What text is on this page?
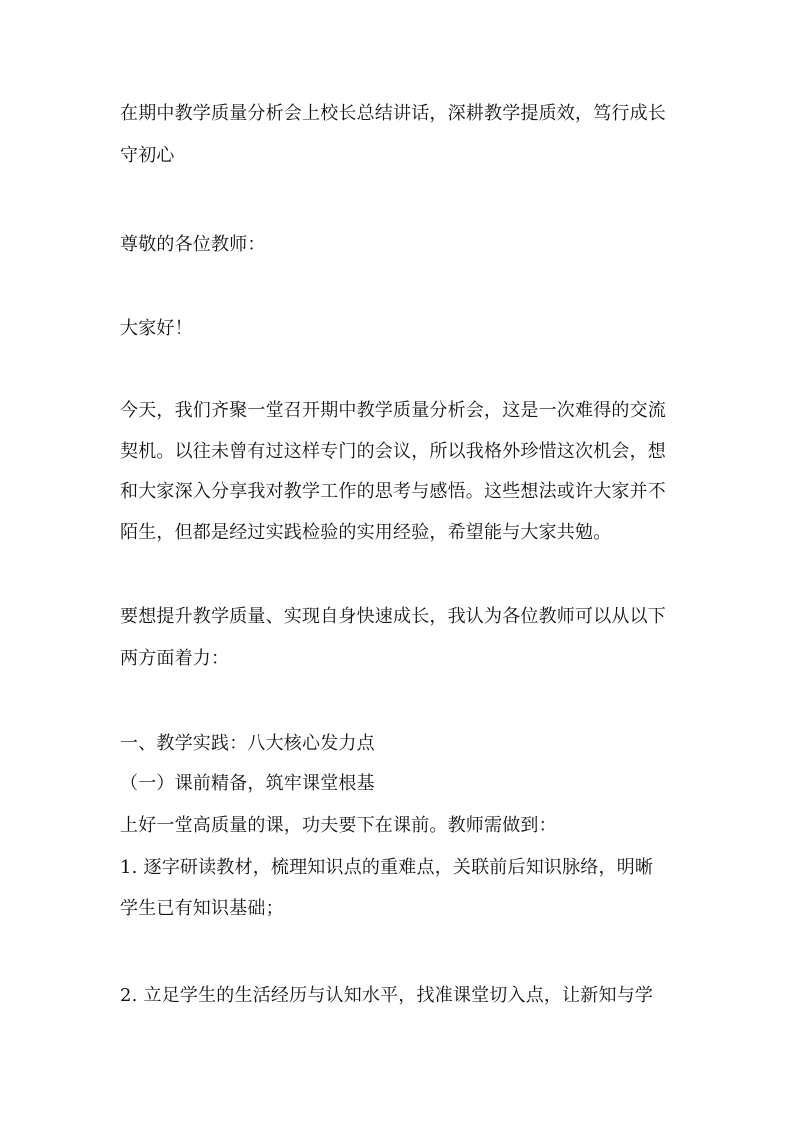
在期中教学质量分析会上校长总结讲话，深耕教学提质效，笃行成长
守初心
尊敬的各位教师：
大家好！
今天，我们齐聚一堂召开期中教学质量分析会，这是一次难得的交流
契机。以往未曾有过这样专门的会议，所以我格外珍惜这次机会，想
和大家深入分享我对教学工作的思考与感悟。这些想法或许大家并不
陌生，但都是经过实践检验的实用经验，希望能与大家共勉。
要想提升教学质量、实现自身快速成长，我认为各位教师可以从以下
两方面着力：
一、教学实践：八大核心发力点
（一）课前精备，筑牢课堂根基
上好一堂高质量的课，功夫要下在课前。教师需做到：
1. 逐字研读教材，梳理知识点的重难点，关联前后知识脉络，明晰
学生已有知识基础；
2. 立足学生的生活经历与认知水平，找准课堂切入点，让新知与学
